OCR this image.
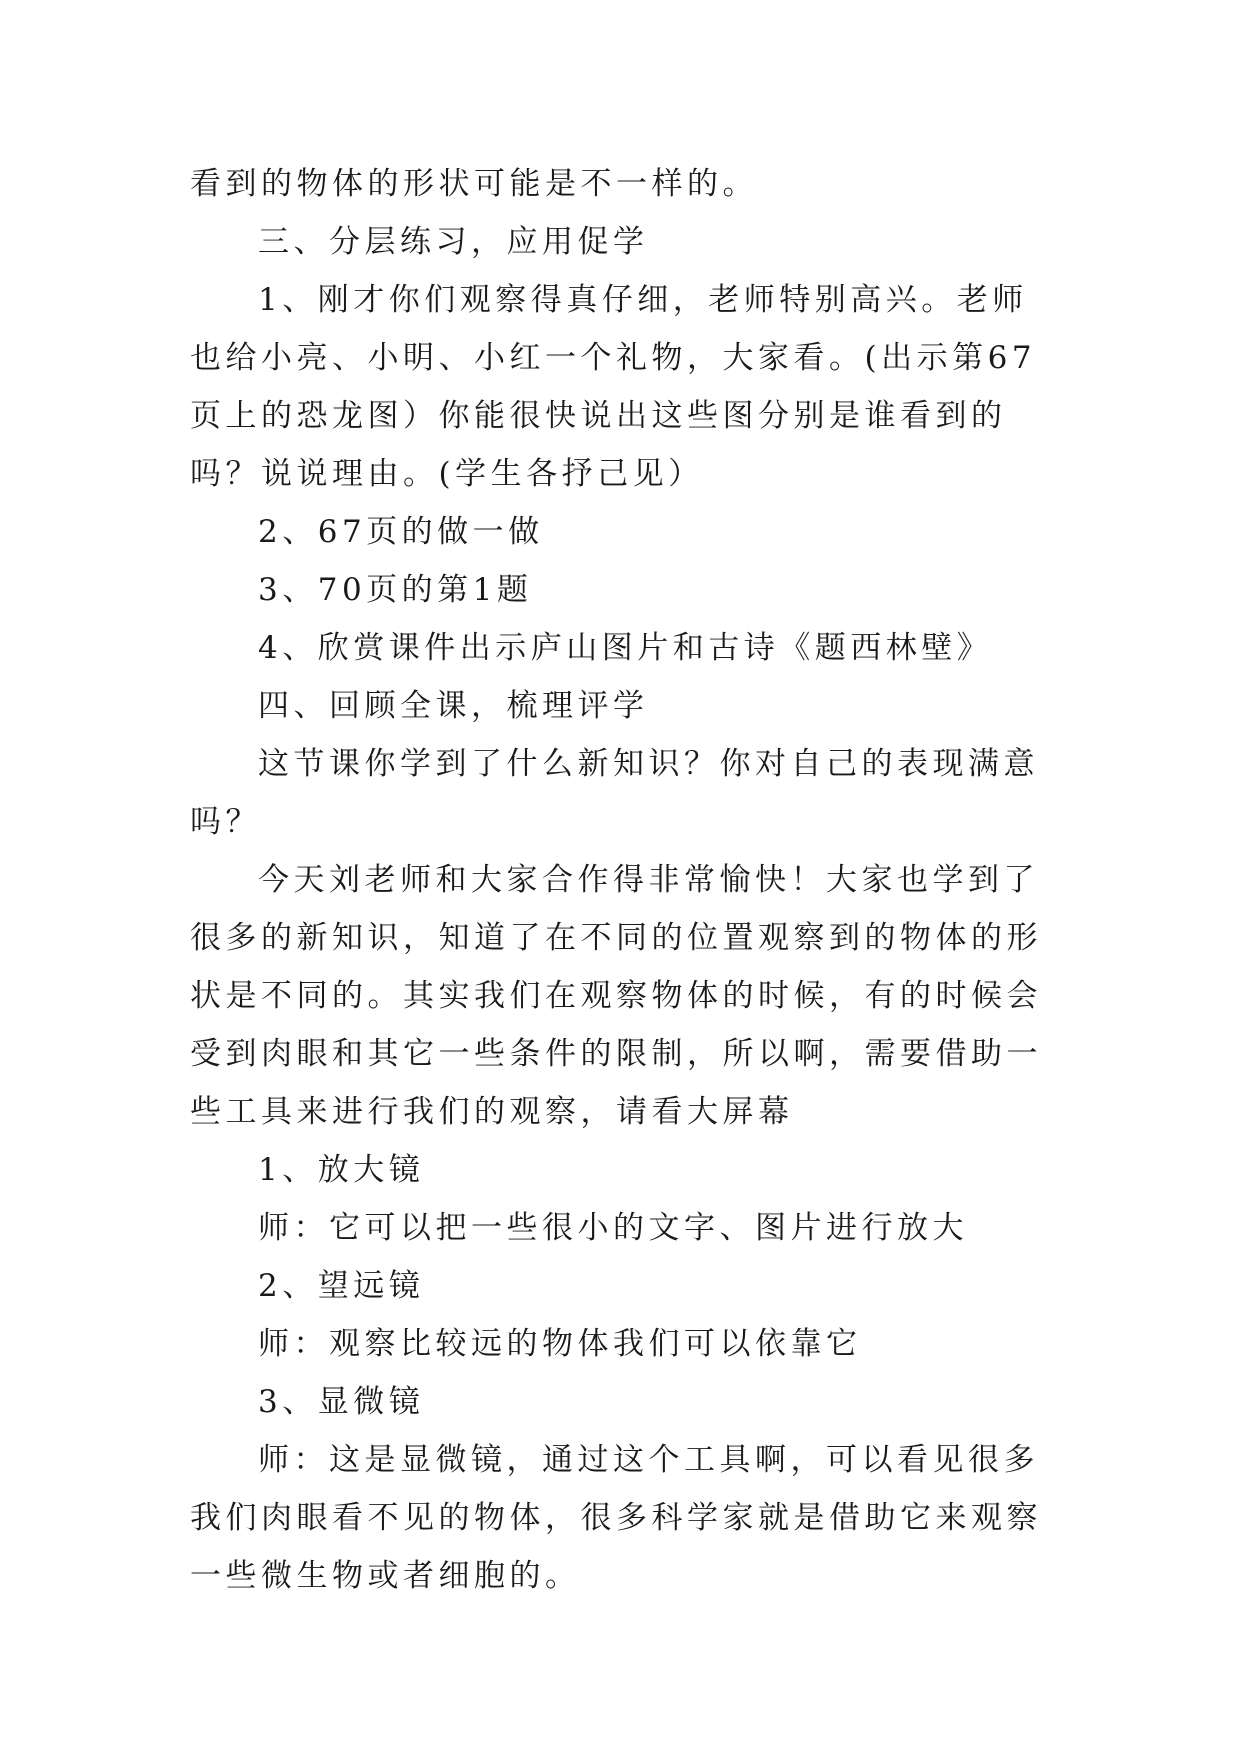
看到的物体的形状可能是不一样的。

三、分层练习，应用促学

1、刚才你们观察得真仔细，老师特别高兴。老师也给小亮、小明、小红一个礼物，大家看。(出示第67页上的恐龙图）你能很快说出这些图分别是谁看到的吗？说说理由。(学生各抒己见）

2、67页的做一做

3、70页的第1题

4、欣赏课件出示庐山图片和古诗《题西林壁》

四、回顾全课，梳理评学

这节课你学到了什么新知识？你对自己的表现满意吗？

今天刘老师和大家合作得非常愉快！大家也学到了很多的新知识，知道了在不同的位置观察到的物体的形状是不同的。其实我们在观察物体的时候，有的时候会受到肉眼和其它一些条件的限制，所以啊，需要借助一些工具来进行我们的观察，请看大屏幕

1、放大镜

师：它可以把一些很小的文字、图片进行放大

2、望远镜

师：观察比较远的物体我们可以依靠它

3、显微镜

师：这是显微镜，通过这个工具啊，可以看见很多我们肉眼看不见的物体，很多科学家就是借助它来观察一些微生物或者细胞的。
